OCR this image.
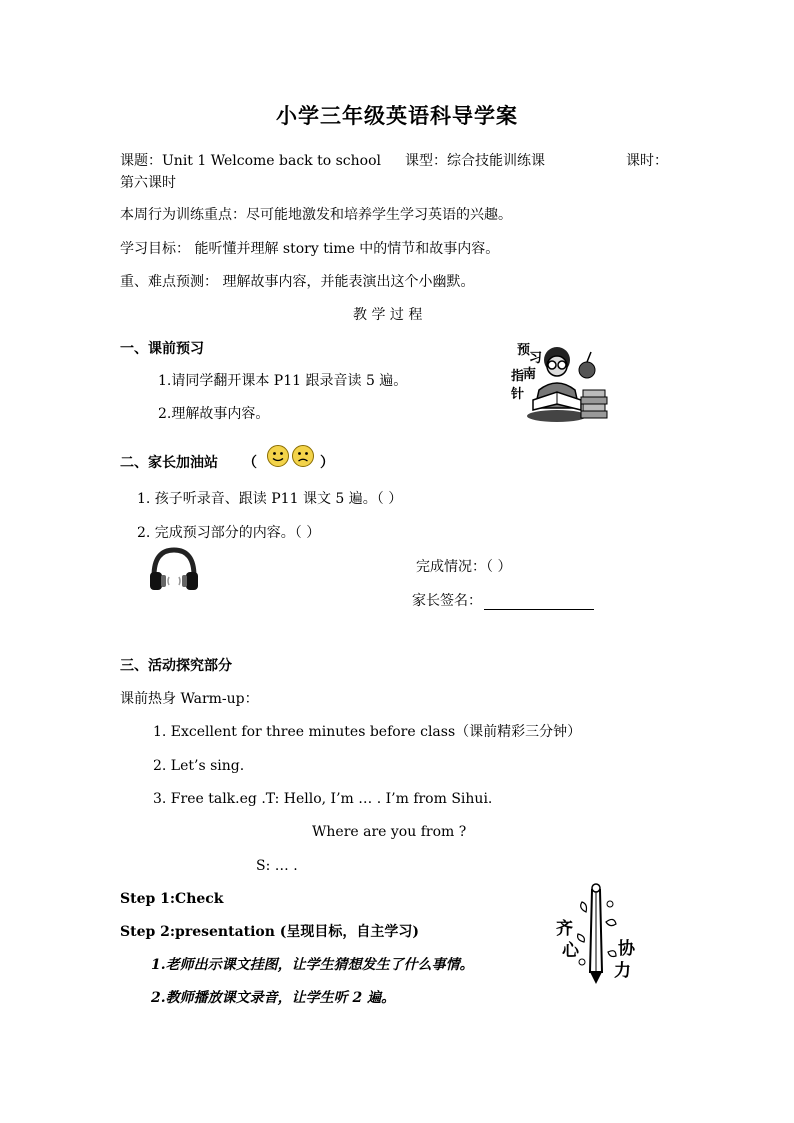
小学三年级英语科导学案
课题：Unit 1 Welcome back to school 课型：综合技能训练课	课时：
第六课时
本周行为训练重点：尽可能地激发和培养学生学习英语的兴趣。
学习目标： 能听懂并理解 story time 中的情节和故事内容。
重、难点预测： 理解故事内容，并能表演出这个小幽默。
教 学 过 程
一、课前预习
1.请同学翻开课本 P11 跟录音读 5 遍。
2.理解故事内容。
预
习
指
南
针
二、家长加油站 （	）
1. 孩子听录音、跟读 P11 课文 5 遍。（ ）
2. 完成预习部分的内容。（ ）
完成情况：（ ）
家长签名：
三、活动探究部分
课前热身 Warm-up：
1. Excellent for three minutes before class（课前精彩三分钟）
2. Let’s sing.
3. Free talk.eg .T: Hello, I’m … . I’m from Sihui.
Where are you from ?
S: … .
Step 1:Check
Step 2:presentation (呈现目标，自主学习)
1.老师出示课文挂图，让学生猜想发生了什么事情。
2.教师播放课文录音，让学生听 2 遍。
齐
心 协
力
